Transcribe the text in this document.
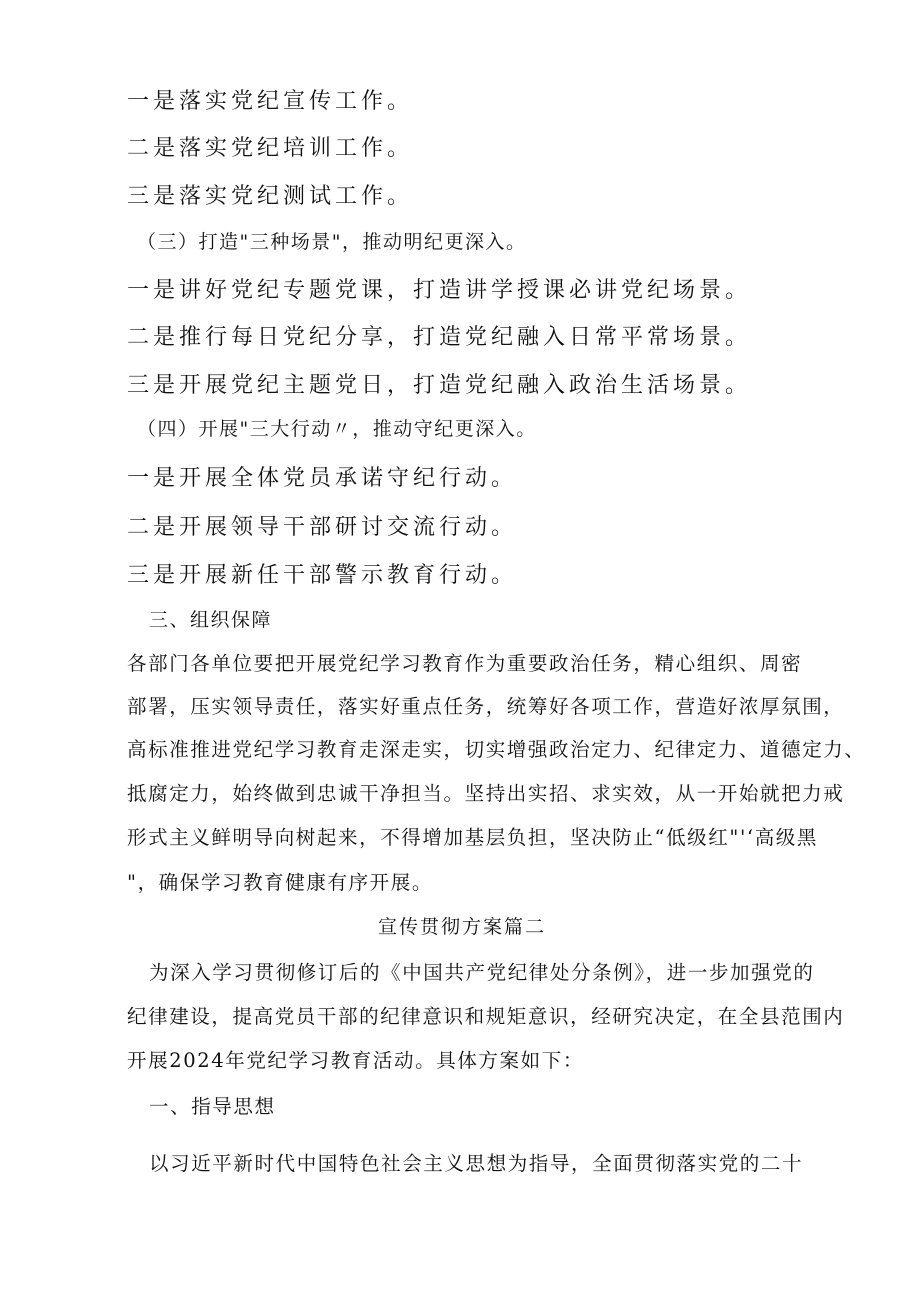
一是落实党纪宣传工作。

二是落实党纪培训工作。

三是落实党纪测试工作。

（三）打造"三种场景"，推动明纪更深入。

一是讲好党纪专题党课，打造讲学授课必讲党纪场景。

二是推行每日党纪分享，打造党纪融入日常平常场景。

三是开展党纪主题党日，打造党纪融入政治生活场景。

（四）开展"三大行动〃，推动守纪更深入。

一是开展全体党员承诺守纪行动。

二是开展领导干部研讨交流行动。

三是开展新任干部警示教育行动。

三、组织保障

各部门各单位要把开展党纪学习教育作为重要政治任务，精心组织、周密

部署，压实领导责任，落实好重点任务，统筹好各项工作，营造好浓厚氛围，

高标准推进党纪学习教育走深走实，切实增强政治定力、纪律定力、道德定力、

抵腐定力，始终做到忠诚干净担当。坚持出实招、求实效，从一开始就把力戒

形式主义鲜明导向树起来，不得增加基层负担，坚决防止“低级红"'‘高级黑

"，确保学习教育健康有序开展。

宣传贯彻方案篇二

为深入学习贯彻修订后的《中国共产党纪律处分条例》，进一步加强党的

纪律建设，提高党员干部的纪律意识和规矩意识，经研究决定，在全县范围内

开展2024年党纪学习教育活动。具体方案如下：

一、指导思想

以习近平新时代中国特色社会主义思想为指导，全面贯彻落实党的二十
